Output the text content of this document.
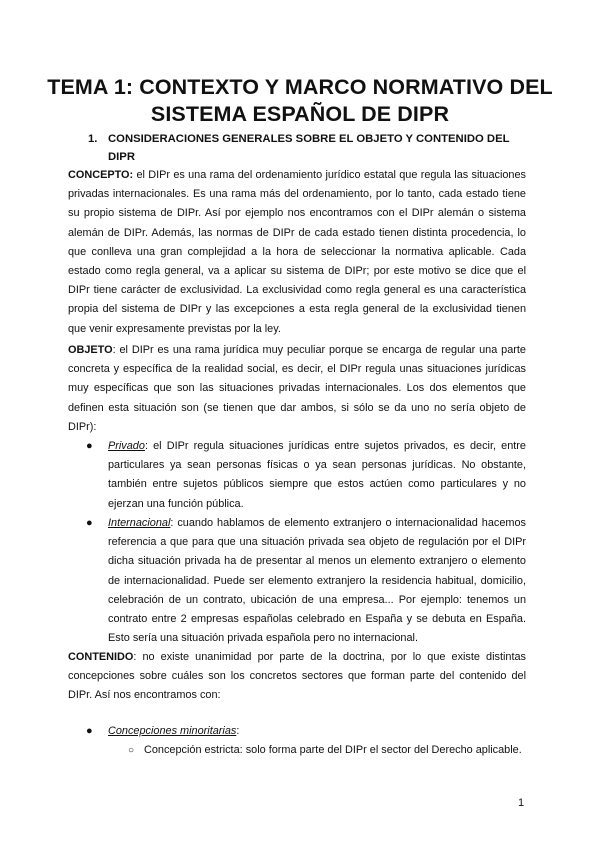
TEMA 1: CONTEXTO Y MARCO NORMATIVO DEL SISTEMA ESPAÑOL DE DIPR
1. CONSIDERACIONES GENERALES SOBRE EL OBJETO Y CONTENIDO DEL DIPR

CONCEPTO: el DIPr es una rama del ordenamiento jurídico estatal que regula las situaciones privadas internacionales. Es una rama más del ordenamiento, por lo tanto, cada estado tiene su propio sistema de DIPr. Así por ejemplo nos encontramos con el DIPr alemán o sistema alemán de DIPr. Además, las normas de DIPr de cada estado tienen distinta procedencia, lo que conlleva una gran complejidad a la hora de seleccionar la normativa aplicable. Cada estado como regla general, va a aplicar su sistema de DIPr; por este motivo se dice que el DIPr tiene carácter de exclusividad. La exclusividad como regla general es una característica propia del sistema de DIPr y las excepciones a esta regla general de la exclusividad tienen que venir expresamente previstas por la ley.

OBJETO: el DIPr es una rama jurídica muy peculiar porque se encarga de regular una parte concreta y específica de la realidad social, es decir, el DIPr regula unas situaciones jurídicas muy específicas que son las situaciones privadas internacionales. Los dos elementos que definen esta situación son (se tienen que dar ambos, si sólo se da uno no sería objeto de DIPr):

● Privado: el DIPr regula situaciones jurídicas entre sujetos privados, es decir, entre particulares ya sean personas físicas o ya sean personas jurídicas. No obstante, también entre sujetos públicos siempre que estos actúen como particulares y no ejerzan una función pública.

● Internacional: cuando hablamos de elemento extranjero o internacionalidad hacemos referencia a que para que una situación privada sea objeto de regulación por el DIPr dicha situación privada ha de presentar al menos un elemento extranjero o elemento de internacionalidad. Puede ser elemento extranjero la residencia habitual, domicilio, celebración de un contrato, ubicación de una empresa... Por ejemplo: tenemos un contrato entre 2 empresas españolas celebrado en España y se debuta en España. Esto sería una situación privada española pero no internacional.

CONTENIDO: no existe unanimidad por parte de la doctrina, por lo que existe distintas concepciones sobre cuáles son los concretos sectores que forman parte del contenido del DIPr. Así nos encontramos con:

● Concepciones minoritarias:

○ Concepción estricta: solo forma parte del DIPr el sector del Derecho aplicable.

1
